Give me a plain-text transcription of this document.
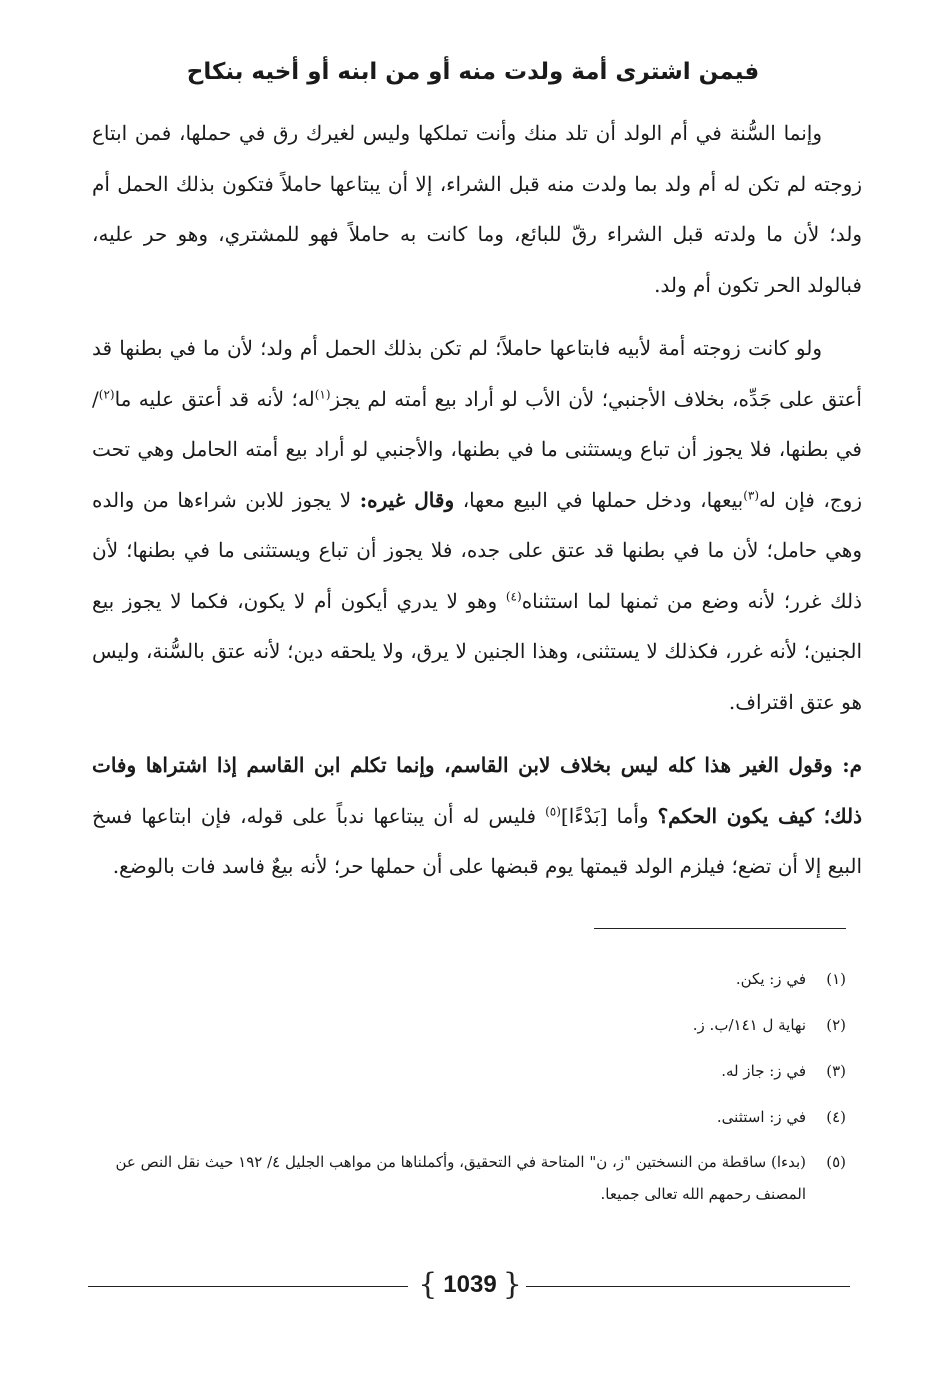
فيمن اشترى أمة ولدت منه أو من ابنه أو أخيه بنكاح

وإنما السُّنة في أم الولد أن تلد منك وأنت تملكها وليس لغيرك رق في حملها، فمن ابتاع زوجته لم تكن له أم ولد بما ولدت منه قبل الشراء، إلا أن يبتاعها حاملاً فتكون بذلك الحمل أم ولد؛ لأن ما ولدته قبل الشراء رقّ للبائع، وما كانت به حاملاً فهو للمشتري، وهو حر عليه، فبالولد الحر تكون أم ولد.

ولو كانت زوجته أمة لأبيه فابتاعها حاملاً؛ لم تكن بذلك الحمل أم ولد؛ لأن ما في بطنها قد أعتق على جَدِّه، بخلاف الأجنبي؛ لأن الأب لو أراد بيع أمته لم يجز$^{(١)}$له؛ لأنه قد أعتق عليه ما$^{(٢)}$/ في بطنها، فلا يجوز أن تباع ويستثنى ما في بطنها، والأجنبي لو أراد بيع أمته الحامل وهي تحت زوج، فإن له$^{(٣)}$بيعها، ودخل حملها في البيع معها، وقال غيره: لا يجوز للابن شراءها من والده وهي حامل؛ لأن ما في بطنها قد عتق على جده، فلا يجوز أن تباع ويستثنى ما في بطنها؛ لأن ذلك غرر؛ لأنه وضع من ثمنها لما استثناه$^{(٤)}$ وهو لا يدري أيكون أم لا يكون، فكما لا يجوز بيع الجنين؛ لأنه غرر، فكذلك لا يستثنى، وهذا الجنين لا يرق، ولا يلحقه دين؛ لأنه عتق بالسُّنة، وليس هو عتق اقتراف.

م: وقول الغير هذا كله ليس بخلاف لابن القاسم، وإنما تكلم ابن القاسم إذا اشتراها وفات ذلك؛ كيف يكون الحكم؟ وأما [بَدْءًا]$^{(٥)}$ فليس له أن يبتاعها ندباً على قوله، فإن ابتاعها فسخ البيع إلا أن تضع؛ فيلزم الولد قيمتها يوم قبضها على أن حملها حر؛ لأنه بيعٌ فاسد فات بالوضع.

(١)
في ز: يكن.
(٢)
نهاية ل ١٤١/ب. ز.
(٣)
في ز: جاز له.
(٤)
في ز: استثنى.
(٥)
(بدءا) ساقطة من النسختين "ز، ن" المتاحة في التحقيق، وأكملناها من مواهب الجليل ٤/ ١٩٢ حيث نقل النص عن المصنف رحمهم الله تعالى جميعا.
{ 1039 }
